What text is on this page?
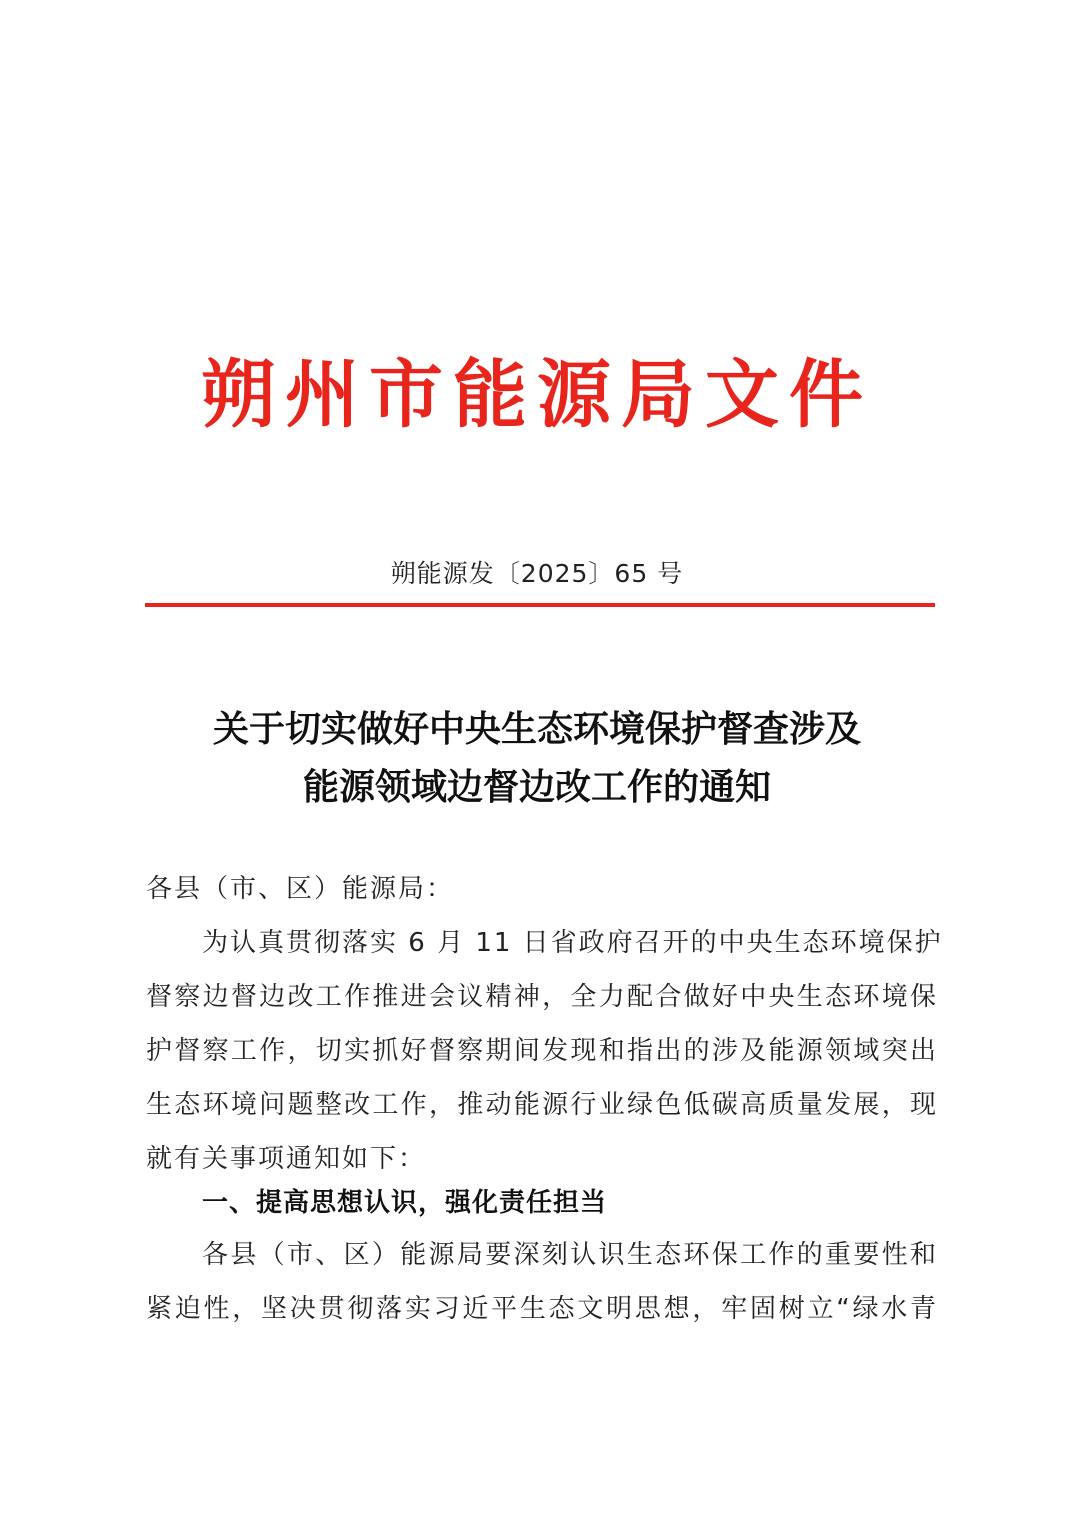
朔州市能源局文件
朔能源发〔2025〕65 号
关于切实做好中央生态环境保护督查涉及
能源领域边督边改工作的通知
各县（市、区）能源局：
为认真贯彻落实 6 月 11 日省政府召开的中央生态环境保护
督察边督边改工作推进会议精神，全力配合做好中央生态环境保
护督察工作，切实抓好督察期间发现和指出的涉及能源领域突出
生态环境问题整改工作，推动能源行业绿色低碳高质量发展，现
就有关事项通知如下：
一、提高思想认识，强化责任担当
各县（市、区）能源局要深刻认识生态环保工作的重要性和
紧迫性，坚决贯彻落实习近平生态文明思想，牢固树立“绿水青
